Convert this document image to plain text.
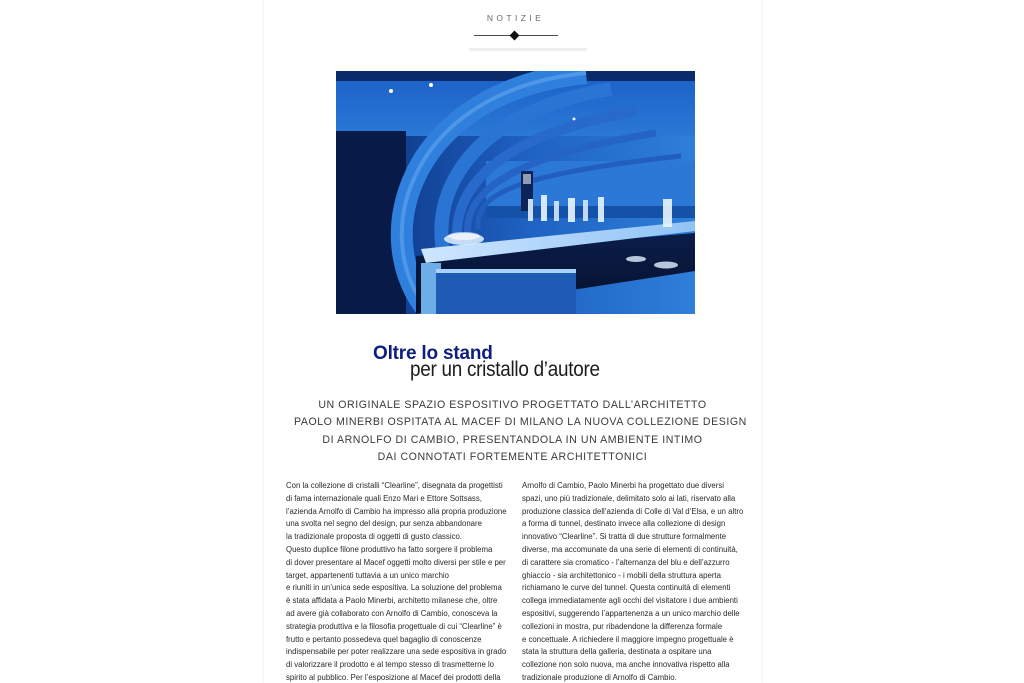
NOTIZIE
Oltre lo stand
per un cristallo d’autore
UN ORIGINALE SPAZIO ESPOSITIVO PROGETTATO DALL’ARCHITETTO
PAOLO MINERBI OSPITATA AL MACEF DI MILANO LA NUOVA COLLEZIONE DESIGN
DI ARNOLFO DI CAMBIO, PRESENTANDOLA IN UN AMBIENTE INTIMO
DAI CONNOTATI FORTEMENTE ARCHITETTONICI
Con la collezione di cristalli “Clearline”, disegnata da progettisti
di fama internazionale quali Enzo Mari e Ettore Sottsass,
l’azienda Arnolfo di Cambio ha impresso alla propria produzione
una svolta nel segno del design, pur senza abbandonare
la tradizionale proposta di oggetti di gusto classico.
Questo duplice filone produttivo ha fatto sorgere il problema
di dover presentare al Macef oggetti molto diversi per stile e per
target, appartenenti tuttavia a un unico marchio
e riuniti in un’unica sede espositiva. La soluzione del problema
è stata affidata a Paolo Minerbi, architetto milanese che, oltre
ad avere già collaborato con Arnolfo di Cambio, conosceva la
strategia produttiva e la filosofia progettuale di cui “Clearline” è
frutto e pertanto possedeva quel bagaglio di conoscenze
indispensabile per poter realizzare una sede espositiva in grado
di valorizzare il prodotto e al tempo stesso di trasmetterne lo
spirito al pubblico. Per l’esposizione al Macef dei prodotti della
Arnolfo di Cambio, Paolo Minerbi ha progettato due diversi
spazi, uno più tradizionale, delimitato solo ai lati, riservato alla
produzione classica dell’azienda di Colle di Val d’Elsa, e un altro
a forma di tunnel, destinato invece alla collezione di design
innovativo “Clearline”. Si tratta di due strutture formalmente
diverse, ma accomunate da una serie di elementi di continuità,
di carattere sia cromatico - l’alternanza del blu e dell’azzurro
ghiaccio - sia architettonico - i mobili della struttura aperta
richiamano le curve del tunnel. Questa continuità di elementi
collega immediatamente agli occhi del visitatore i due ambienti
espositivi, suggerendo l’appartenenza a un unico marchio delle
collezioni in mostra, pur ribadendone la differenza formale
e concettuale. A richiedere il maggiore impegno progettuale è
stata la struttura della galleria, destinata a ospitare una
collezione non solo nuova, ma anche innovativa rispetto alla
tradizionale produzione di Arnolfo di Cambio.
